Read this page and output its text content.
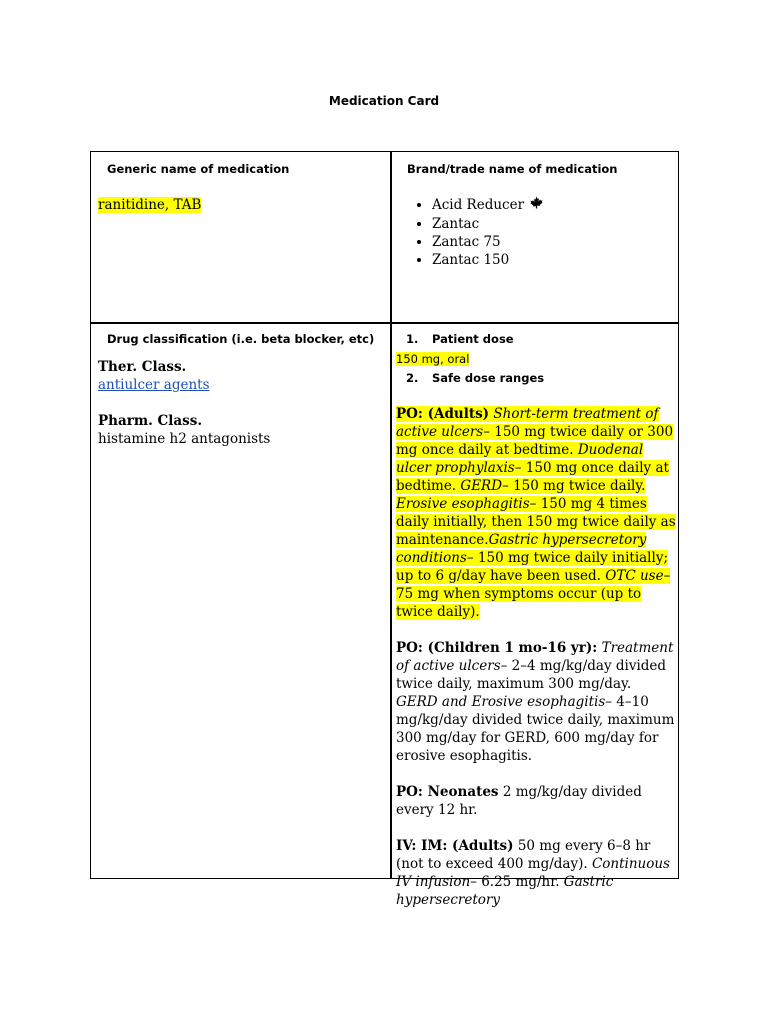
Medication Card
Generic name of medication

ranitidine, TAB

Brand/trade name of medication
• Acid Reducer
• Zantac
• Zantac 75
• Zantac 150
Drug classification (i.e. beta blocker, etc)

Ther. Class.

antiulcer agents

Pharm. Class.

histamine h2 antagonists

1.	Patient dose
150 mg, oral
2.	Safe dose ranges

PO: (Adults) Short-term treatment of active ulcers– 150 mg twice daily or 300 mg once daily at bedtime. Duodenal ulcer prophylaxis– 150 mg once daily at bedtime. GERD– 150 mg twice daily. Erosive esophagitis– 150 mg 4 times daily initially, then 150 mg twice daily as maintenance.Gastric hypersecretory conditions– 150 mg twice daily initially; up to 6 g/day have been used. OTC use– 75 mg when symptoms occur (up to twice daily).

PO: (Children 1 mo-16 yr): Treatment of active ulcers– 2–4 mg/kg/day divided twice daily, maximum 300 mg/day. GERD and Erosive esophagitis– 4–10 mg/kg/day divided twice daily, maximum 300 mg/day for GERD, 600 mg/day for erosive esophagitis.

PO: Neonates 2 mg/kg/day divided every 12 hr.

IV: IM: (Adults) 50 mg every 6–8 hr (not to exceed 400 mg/day). Continuous IV infusion– 6.25 mg/hr. Gastric hypersecretory
